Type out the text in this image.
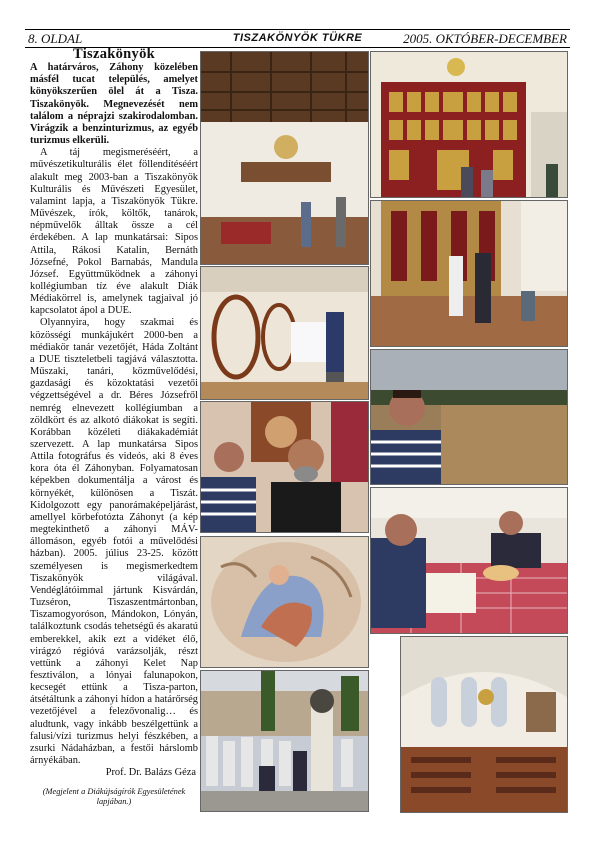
8. OLDAL	TISZAKÖNYÖK TÜKRE	2005. OKTÓBER-DECEMBER
Tiszakönyök

A határváros, Záhony közelében másfél tucat település, amelyet könyökszerűen ölel át a Tisza. Tiszakönyök. Megnevezését nem találom a néprajzi szakirodalomban. Virágzik a benzinturizmus, az egyéb turizmus elkerüli.

A táj megismeréséért, a művészetikulturális élet föllendítéséért alakult meg 2003-ban a Tiszakönyök Kulturális és Művészeti Egyesület, valamint lapja, a Tiszakönyök Tükre. Művészek, írók, költők, tanárok, népművelők álltak össze a cél érdekében. A lap munkatársai: Sipos Attila, Rákosi Katalin, Bernáth Józsefné, Pokol Barnabás, Mandula József. Együttműködnek a záhonyi kollégiumban tíz éve alakult Diák Médiakörrel is, amelynek tagjaival jó kapcsolatot ápol a DUE.

Olyannyira, hogy szakmai és közösségi munkájukért 2000-ben a médiakör tanár vezetőjét, Háda Zoltánt a DUE tiszteletbeli tagjává választotta. Műszaki, tanári, közművelődési, gazdasági és közoktatási vezetői végzettségével a dr. Béres Józsefről nemrég elnevezett kollégiumban a zöldkört és az alkotó diákokat is segíti. Korábban közéleti diákakadémiát szervezett. A lap munkatársa Sipos Attila fotográfus és videós, aki 8 éves kora óta él Záhonyban. Folyamatosan képekben dokumentálja a várost és környékét, különösen a Tiszát. Kidolgozott egy panorámaképeljárást, amellyel körbefotózta Záhonyt (a kép megtekinthető a záhonyi MÁV-állomáson, egyéb fotói a művelődési házban). 2005. július 23-25. között személyesen is megismerkedtem Tiszakönyök világával. Vendéglátóimmal jártunk Kisvárdán, Tuzséron, Tiszaszentmártonban, Tiszamogyoróson, Mándokon, Lónyán, találkoztunk csodás tehetségű és akaratú emberekkel, akik ezt a vidéket élő, virágzó régióvá varázsolják, részt vettünk a záhonyi Kelet Nap fesztiválon, a lónyai falunapokon, kecsegét ettünk a Tisza-parton, átsétáltunk a záhonyi hídon a határőrség vezetőjével a felezővonalig… és aludtunk, vagy inkább beszélgettünk a falusi/vízi turizmus helyi fészkében, a zsurki Nádaházban, a festői hárslomb árnyékában.

Prof. Dr. Balázs Géza

(Megjelent a Diákújságírók Egyesületének lapjában.)
